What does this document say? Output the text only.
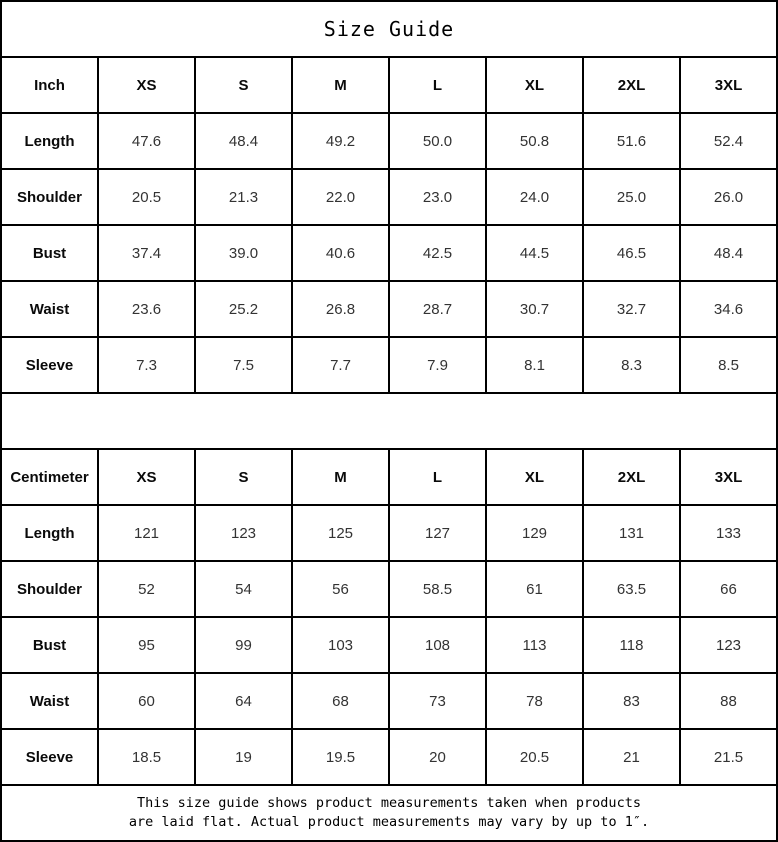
Size Guide							
Inch	XS	S	M	L	XL	2XL	3XL
Length	47.6	48.4	49.2	50.0	50.8	51.6	52.4
Shoulder	20.5	21.3	22.0	23.0	24.0	25.0	26.0
Bust	37.4	39.0	40.6	42.5	44.5	46.5	48.4
Waist	23.6	25.2	26.8	28.7	30.7	32.7	34.6
Sleeve	7.3	7.5	7.7	7.9	8.1	8.3	8.5

Centimeter	XS	S	M	L	XL	2XL	3XL
Length	121	123	125	127	129	131	133
Shoulder	52	54	56	58.5	61	63.5	66
Bust	95	99	103	108	113	118	123
Waist	60	64	68	73	78	83	88
Sleeve	18.5	19	19.5	20	20.5	21	21.5

This size guide shows product measurements taken when products
are laid flat. Actual product measurements may vary by up to 1″.							
